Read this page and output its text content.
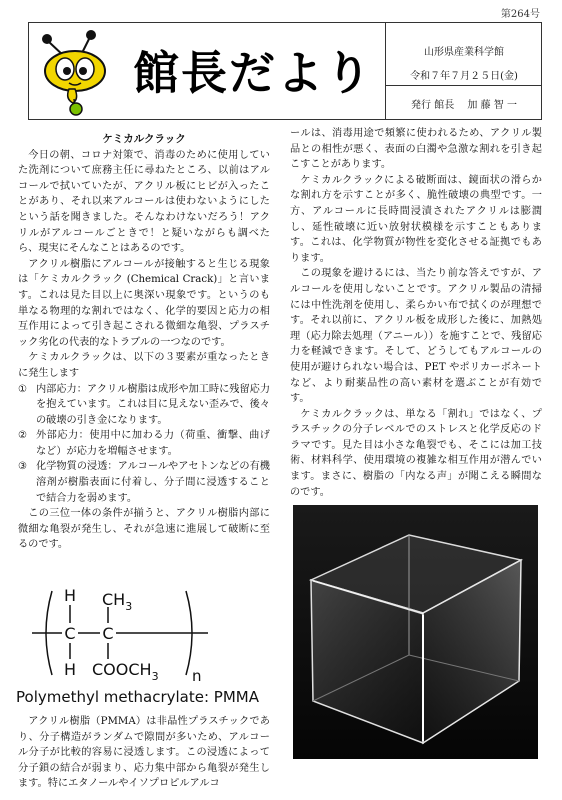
第264号
館長だより	山形県産業科学館
令和７年７月２５日(金)
発行 館長　 加 藤 智 一

ケミカルクラック

今日の朝、コロナ対策で、消毒のために使用していた洗剤について庶務主任に尋ねたところ、以前はアルコールで拭いていたが、アクリル板にヒビが入ったことがあり、それ以来アルコールは使わないようにしたという話を聞きました。そんなわけないだろう！アクリルがアルコールごときで！と疑いながらも調べたら、現実にそんなことはあるのです。

アクリル樹脂にアルコールが接触すると生じる現象は「ケミカルクラック (Chemical Crack)」と言います。これは見た目以上に奥深い現象です。というのも単なる物理的な割れではなく、化学的要因と応力の相互作用によって引き起こされる微細な亀裂、プラスチック劣化の代表的なトラブルの一つなのです。

ケミカルクラックは、以下の３要素が重なったときに発生します

① 内部応力：アクリル樹脂は成形や加工時に残留応力を抱えています。これは目に見えない歪みで、後々の破壊の引き金になります。
② 外部応力：使用中に加わる力（荷重、衝撃、曲げなど）が応力を増幅させます。
③ 化学物質の浸透：アルコールやアセトンなどの有機溶剤が樹脂表面に付着し、分子間に浸透することで結合力を弱めます。

この三位一体の条件が揃うと、アクリル樹脂内部に微細な亀裂が発生し、それが急速に進展して破断に至るのです。

H $CH_3$
C C
H $COOCH_3$ n
Polymethyl methacrylate: PMMA

アクリル樹脂（PMMA）は非晶性プラスチックであり、分子構造がランダムで隙間が多いため、アルコール分子が比較的容易に浸透します。この浸透によって分子鎖の結合が弱まり、応力集中部から亀裂が発生します。特にエタノールやイソプロピルアルコ

ールは、消毒用途で頻繁に使われるため、アクリル製品との相性が悪く、表面の白濁や急激な割れを引き起こすことがあります。

ケミカルクラックによる破断面は、鏡面状の滑らかな割れ方を示すことが多く、脆性破壊の典型です。一方、アルコールに長時間浸漬されたアクリルは膨潤し、延性破壊に近い放射状模様を示すこともあります。これは、化学物質が物性を変化させる証拠でもあります。

この現象を避けるには、当たり前な答えですが、アルコールを使用しないことです。アクリル製品の清掃には中性洗剤を使用し、柔らかい布で拭くのが理想です。それ以前に、アクリル板を成形した後に、加熱処理（応力除去処理（アニール））を施すことで、残留応力を軽減できます。そして、どうしてもアルコールの使用が避けられない場合は、PET やポリカーボネートなど、より耐薬品性の高い素材を選ぶことが有効です。

ケミカルクラックは、単なる「割れ」ではなく、プラスチックの分子レベルでのストレスと化学反応のドラマです。見た目は小さな亀裂でも、そこには加工技術、材料科学、使用環境の複雑な相互作用が潜んでいます。まさに、樹脂の「内なる声」が聞こえる瞬間なのです。
